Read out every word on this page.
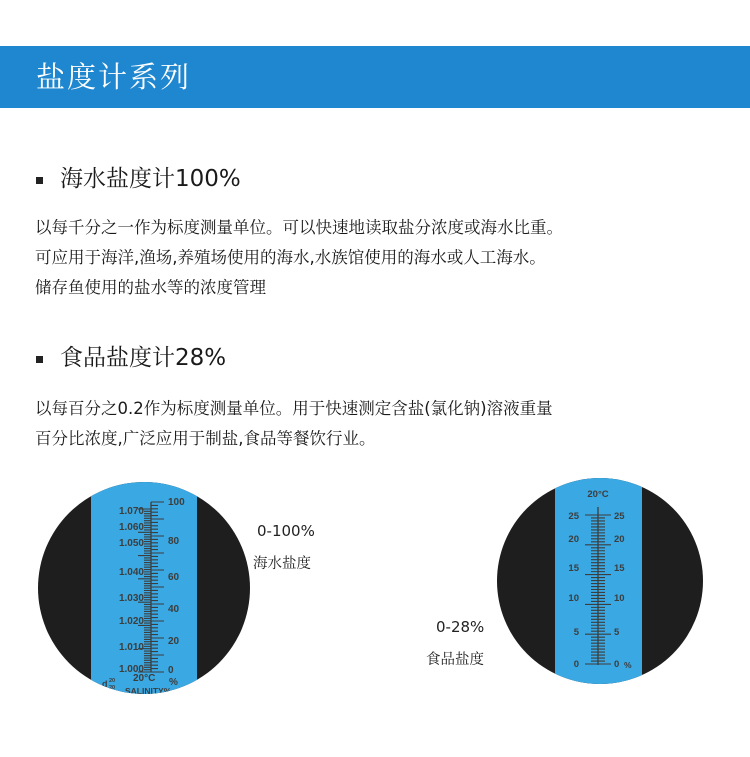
盐度计系列
海水盐度计100%
以每千分之一作为标度测量单位。可以快速地读取盐分浓度或海水比重。
可应用于海洋,渔场,养殖场使用的海水,水族馆使用的海水或人工海水。
储存鱼使用的盐水等的浓度管理
食品盐度计28%
以每百分之0.2作为标度测量单位。用于快速测定含盐(氯化钠)溶液重量
百分比浓度,广泛应用于制盐,食品等餐饮行业。
1.070
1.060
1.050
1.040
1.030
1.020
1.010
1.000
100
80
60
40
20
0
20°C %
d 20
20 SALINITY%
0-100%
海水盐度
20°C
25
20
15
10
5
0
25
20
15
10
5
0 %
0-28%
食品盐度
